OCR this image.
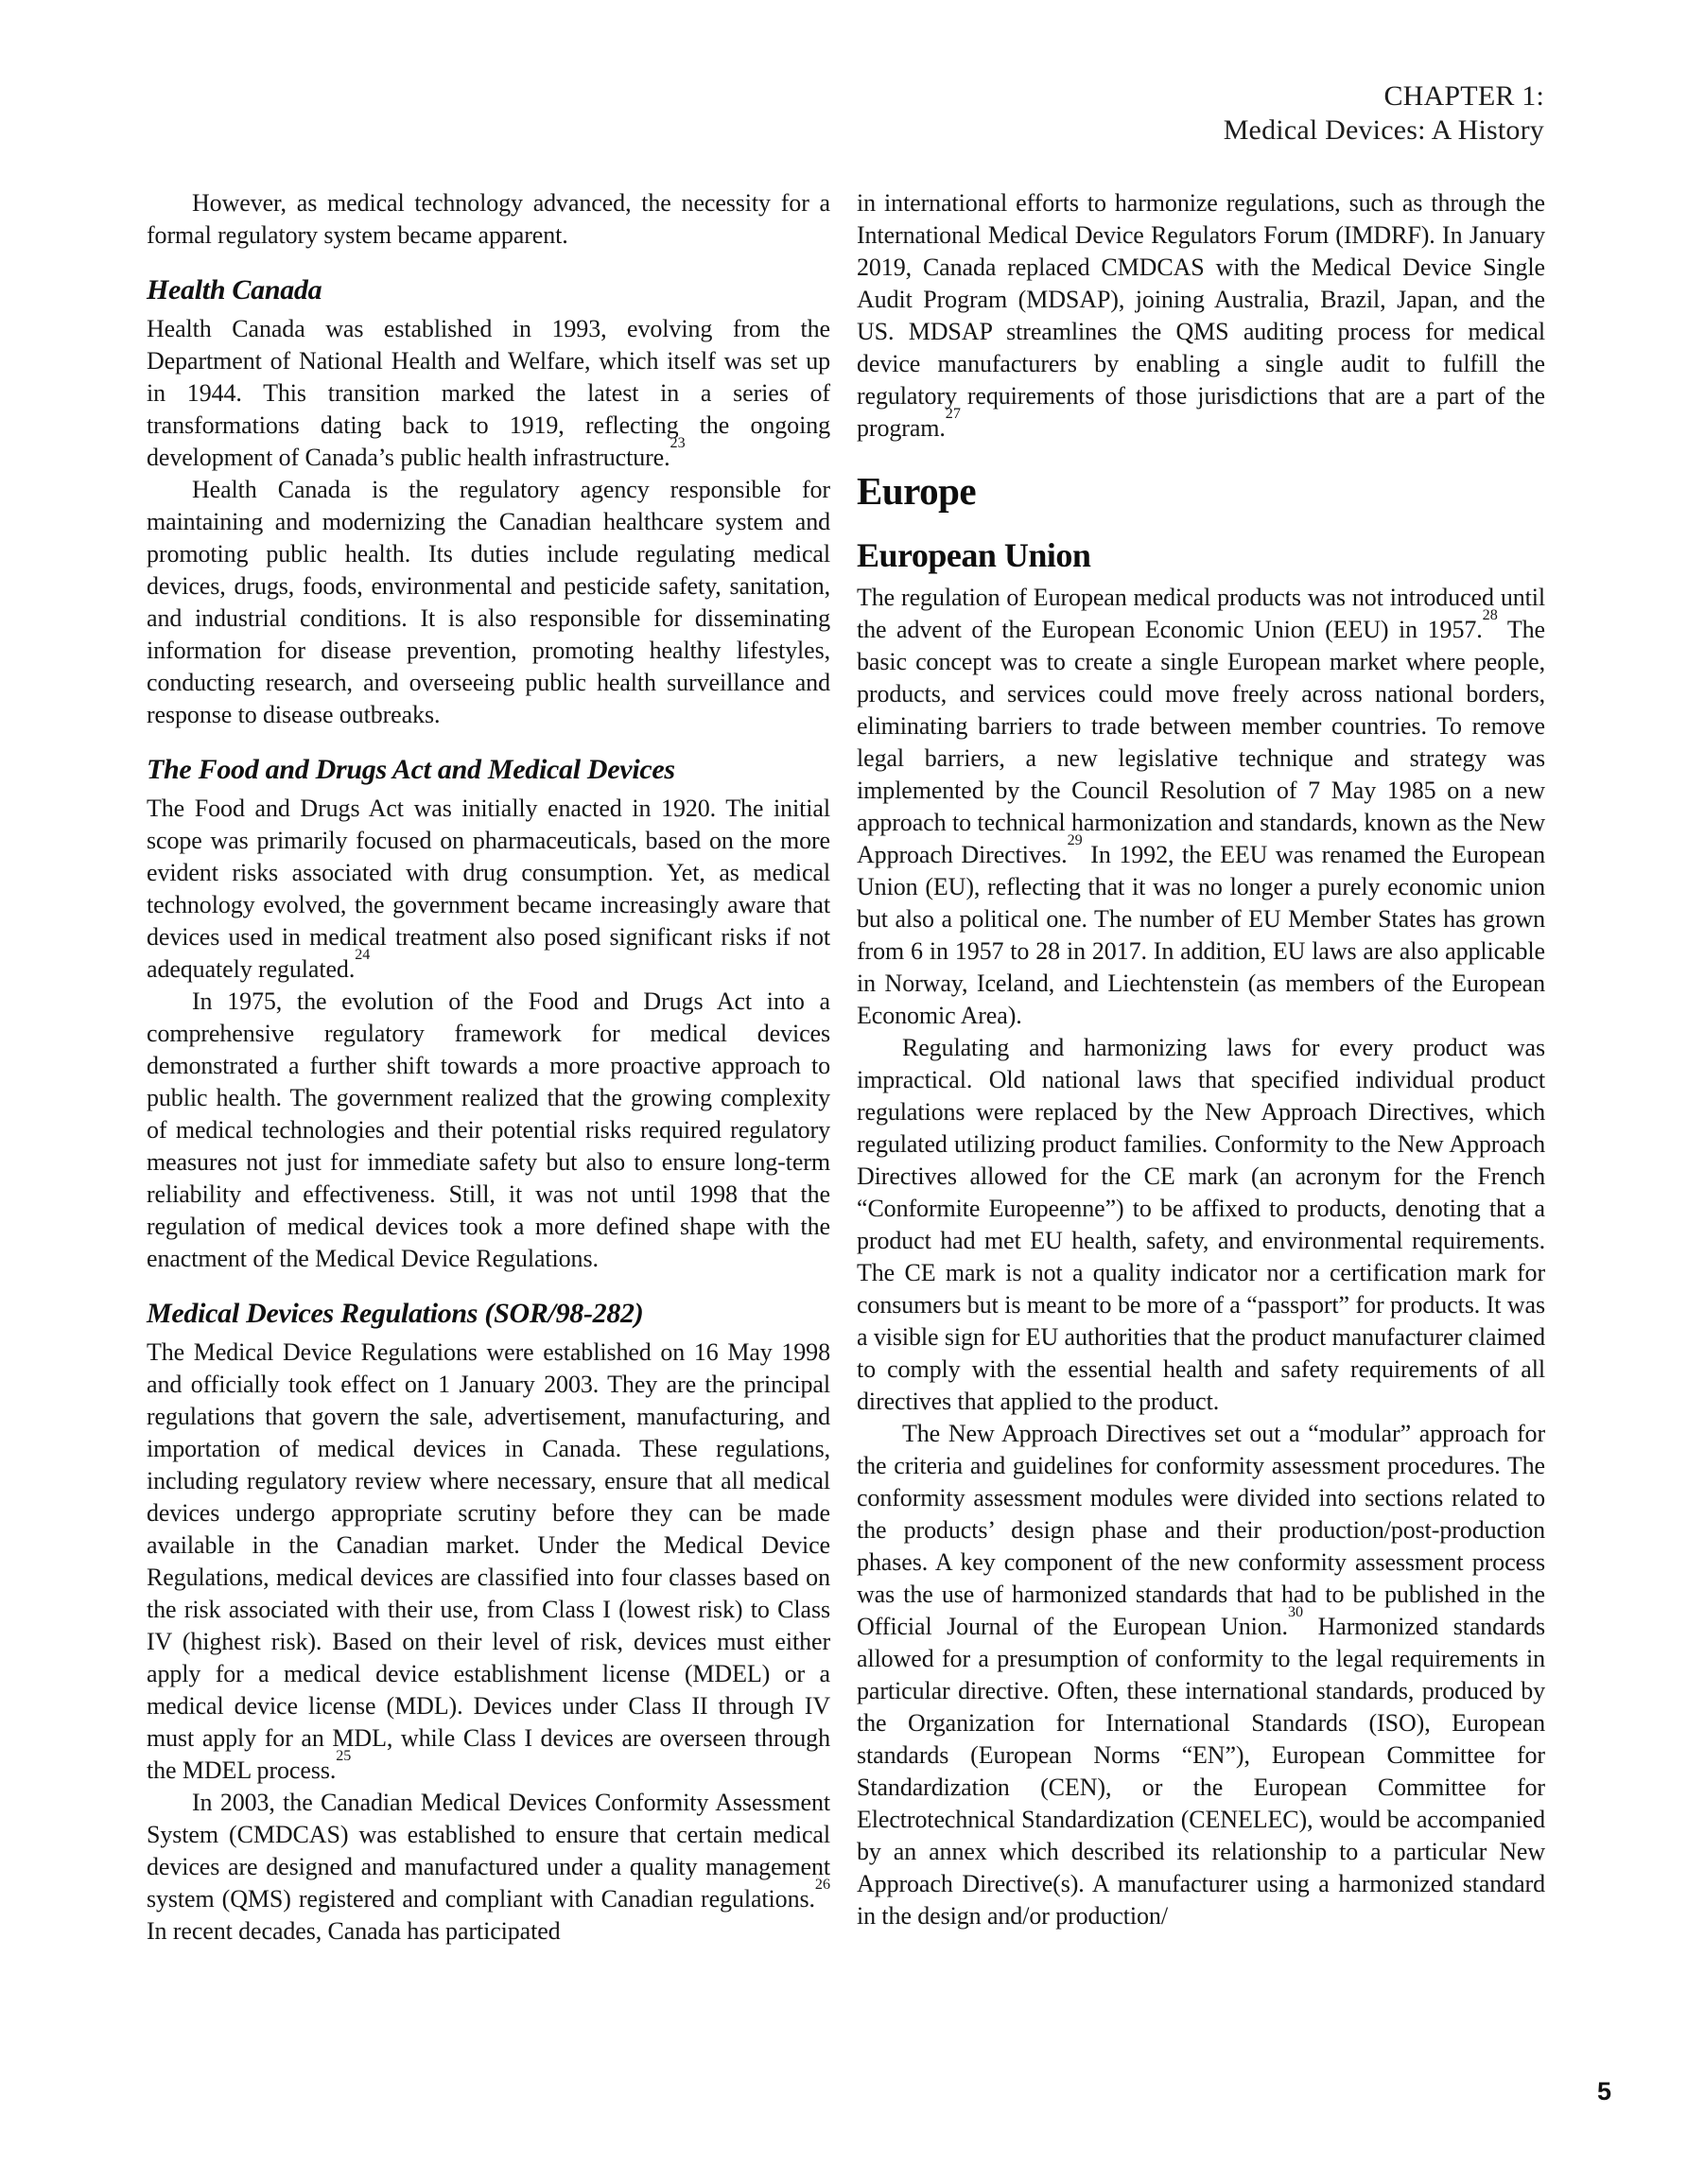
CHAPTER 1:
Medical Devices: A History

However, as medical technology advanced, the necessity for a formal regulatory system became apparent.

Health Canada

Health Canada was established in 1993, evolving from the Department of National Health and Welfare, which itself was set up in 1944. This transition marked the latest in a series of transformations dating back to 1919, reflecting the ongoing development of Canada’s public health infrastructure.$^{23}$

Health Canada is the regulatory agency responsible for maintaining and modernizing the Canadian healthcare system and promoting public health. Its duties include regulating medical devices, drugs, foods, environmental and pesticide safety, sanitation, and industrial conditions. It is also responsible for disseminating information for disease prevention, promoting healthy lifestyles, conducting research, and overseeing public health surveillance and response to disease outbreaks.

The Food and Drugs Act and Medical Devices

The Food and Drugs Act was initially enacted in 1920. The initial scope was primarily focused on pharmaceuticals, based on the more evident risks associated with drug consumption. Yet, as medical technology evolved, the government became increasingly aware that devices used in medical treatment also posed significant risks if not adequately regulated.$^{24}$

In 1975, the evolution of the Food and Drugs Act into a comprehensive regulatory framework for medical devices demonstrated a further shift towards a more proactive approach to public health. The government realized that the growing complexity of medical technologies and their potential risks required regulatory measures not just for immediate safety but also to ensure long-term reliability and effectiveness. Still, it was not until 1998 that the regulation of medical devices took a more defined shape with the enactment of the Medical Device Regulations.

Medical Devices Regulations (SOR/98-282)

The Medical Device Regulations were established on 16 May 1998 and officially took effect on 1 January 2003. They are the principal regulations that govern the sale, advertisement, manufacturing, and importation of medical devices in Canada. These regulations, including regulatory review where necessary, ensure that all medical devices undergo appropriate scrutiny before they can be made available in the Canadian market. Under the Medical Device Regulations, medical devices are classified into four classes based on the risk associated with their use, from Class I (lowest risk) to Class IV (highest risk). Based on their level of risk, devices must either apply for a medical device establishment license (MDEL) or a medical device license (MDL). Devices under Class II through IV must apply for an MDL, while Class I devices are overseen through the MDEL process.$^{25}$

In 2003, the Canadian Medical Devices Conformity Assessment System (CMDCAS) was established to ensure that certain medical devices are designed and manufactured under a quality management system (QMS) registered and compliant with Canadian regulations.$^{26}$ In recent decades, Canada has participated

in international efforts to harmonize regulations, such as through the International Medical Device Regulators Forum (IMDRF). In January 2019, Canada replaced CMDCAS with the Medical Device Single Audit Program (MDSAP), joining Australia, Brazil, Japan, and the US. MDSAP streamlines the QMS auditing process for medical device manufacturers by enabling a single audit to fulfill the regulatory requirements of those jurisdictions that are a part of the program.$^{27}$

Europe
European Union

The regulation of European medical products was not introduced until the advent of the European Economic Union (EEU) in 1957.28 The basic concept was to create a single European market where people, products, and services could move freely across national borders, eliminating barriers to trade between member countries. To remove legal barriers, a new legislative technique and strategy was implemented by the Council Resolution of 7 May 1985 on a new approach to technical harmonization and standards, known as the New Approach Directives.$^{29}$ In 1992, the EEU was renamed the European Union (EU), reflecting that it was no longer a purely economic union but also a political one. The number of EU Member States has grown from 6 in 1957 to 28 in 2017. In addition, EU laws are also applicable in Norway, Iceland, and Liechtenstein (as members of the European Economic Area).

Regulating and harmonizing laws for every product was impractical. Old national laws that specified individual product regulations were replaced by the New Approach Directives, which regulated utilizing product families. Conformity to the New Approach Directives allowed for the CE mark (an acronym for the French “Conformite Europeenne”) to be affixed to products, denoting that a product had met EU health, safety, and environmental requirements. The CE mark is not a quality indicator nor a certification mark for consumers but is meant to be more of a “passport” for products. It was a visible sign for EU authorities that the product manufacturer claimed to comply with the essential health and safety requirements of all directives that applied to the product.

The New Approach Directives set out a “modular” approach for the criteria and guidelines for conformity assessment procedures. The conformity assessment modules were divided into sections related to the products’ design phase and their production/post-production phases. A key component of the new conformity assessment process was the use of harmonized standards that had to be published in the Official Journal of the European Union.$^{30}$ Harmonized standards allowed for a presumption of conformity to the legal requirements in particular directive. Often, these international standards, produced by the Organization for International Standards (ISO), European standards (European Norms “EN”), European Committee for Standardization (CEN), or the European Committee for Electrotechnical Standardization (CENELEC), would be accompanied by an annex which described its relationship to a particular New Approach Directive(s). A manufacturer using a harmonized standard in the design and/or production/

5
